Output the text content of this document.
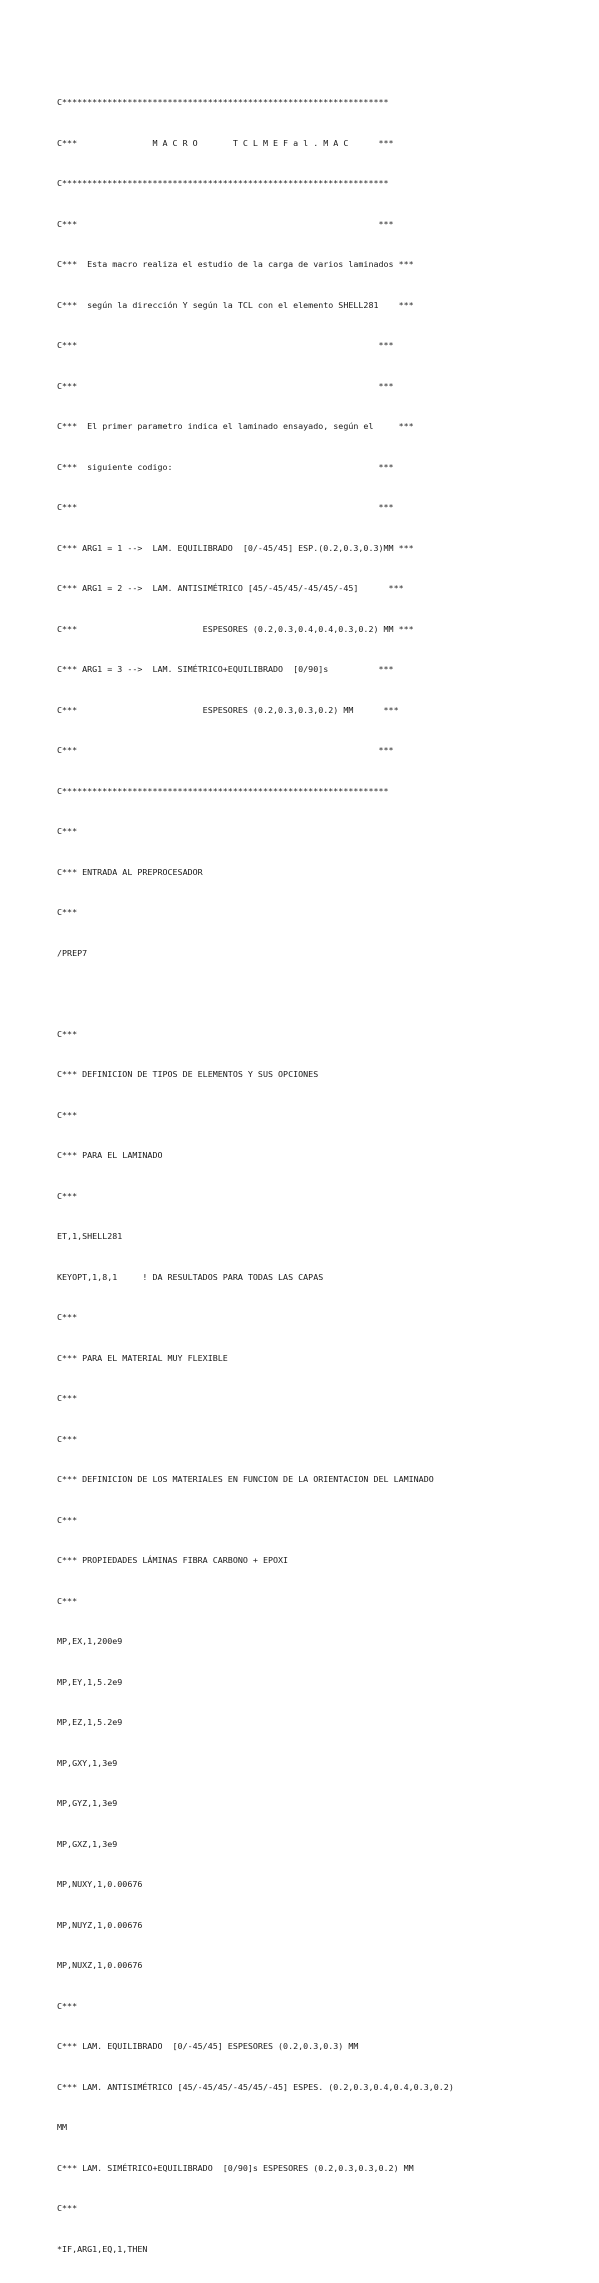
C*****************************************************************

C***               M A C R O       T C L M E F a l . M A C      ***

C*****************************************************************

C***                                                            ***

C***  Esta macro realiza el estudio de la carga de varios laminados ***

C***  según la dirección Y según la TCL con el elemento SHELL281    ***

C***                                                            ***

C***                                                            ***

C***  El primer parametro indica el laminado ensayado, según el     ***

C***  siguiente codigo:                                         ***

C***                                                            ***

C*** ARG1 = 1 -->  LAM. EQUILIBRADO  [0/-45/45] ESP.(0.2,0.3,0.3)MM ***

C*** ARG1 = 2 -->  LAM. ANTISIMÉTRICO [45/-45/45/-45/45/-45]      ***

C***                         ESPESORES (0.2,0.3,0.4,0.4,0.3,0.2) MM ***

C*** ARG1 = 3 -->  LAM. SIMÉTRICO+EQUILIBRADO  [0/90]s          ***

C***                         ESPESORES (0.2,0.3,0.3,0.2) MM      ***

C***                                                            ***

C*****************************************************************

C***

C*** ENTRADA AL PREPROCESADOR

C***

/PREP7

C***

C*** DEFINICION DE TIPOS DE ELEMENTOS Y SUS OPCIONES

C***

C*** PARA EL LAMINADO

C***

ET,1,SHELL281

KEYOPT,1,8,1     ! DA RESULTADOS PARA TODAS LAS CAPAS

C***

C*** PARA EL MATERIAL MUY FLEXIBLE

C***

C***

C*** DEFINICION DE LOS MATERIALES EN FUNCION DE LA ORIENTACION DEL LAMINADO

C***

C*** PROPIEDADES LÁMINAS FIBRA CARBONO + EPOXI

C***

MP,EX,1,200e9

MP,EY,1,5.2e9

MP,EZ,1,5.2e9

MP,GXY,1,3e9

MP,GYZ,1,3e9

MP,GXZ,1,3e9

MP,NUXY,1,0.00676

MP,NUYZ,1,0.00676

MP,NUXZ,1,0.00676

C***

C*** LAM. EQUILIBRADO  [0/-45/45] ESPESORES (0.2,0.3,0.3) MM

C*** LAM. ANTISIMÉTRICO [45/-45/45/-45/45/-45] ESPES. (0.2,0.3,0.4,0.4,0.3,0.2)

MM

C*** LAM. SIMÉTRICO+EQUILIBRADO  [0/90]s ESPESORES (0.2,0.3,0.3,0.2) MM

C***

*IF,ARG1,EQ,1,THEN
